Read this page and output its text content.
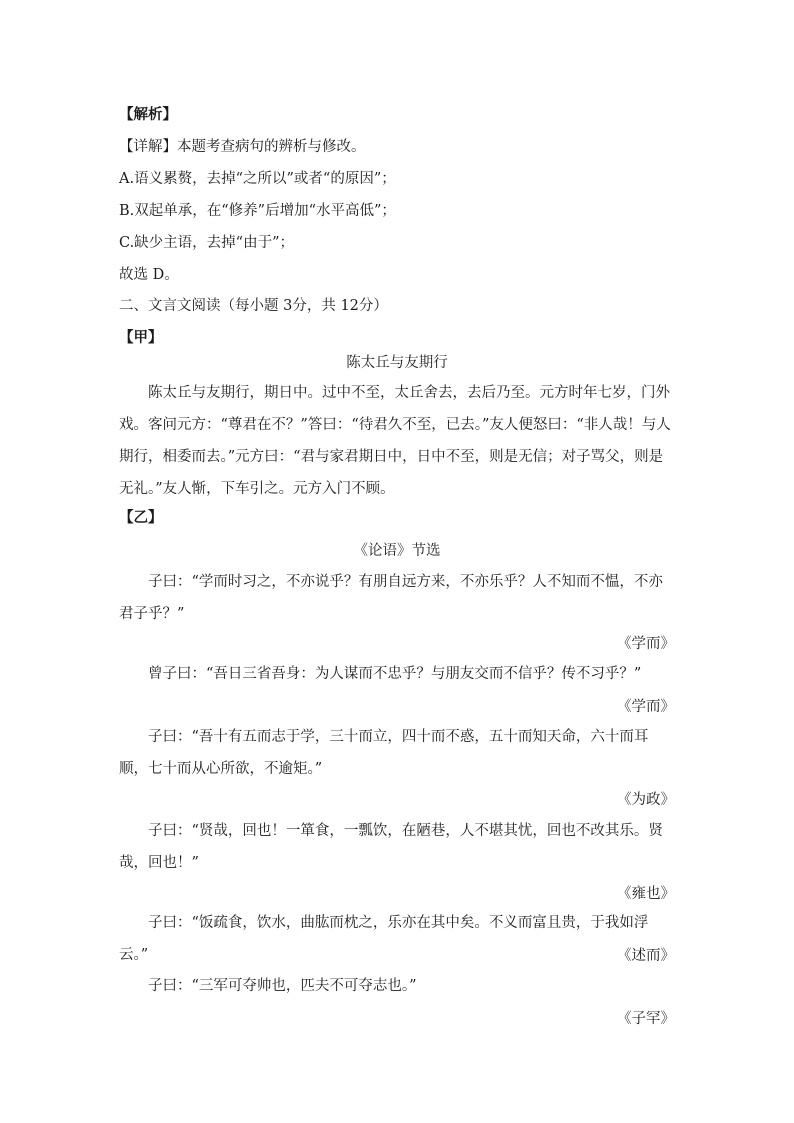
【解析】
【详解】本题考查病句的辨析与修改。
A.语义累赘，去掉“之所以”或者“的原因”；
B.双起单承，在“修养”后增加“水平高低”；
C.缺少主语，去掉“由于”；
故选 D。
二、文言文阅读（每小题 3分，共 12分）
【甲】
陈太丘与友期行
陈太丘与友期行，期日中。过中不至，太丘舍去，去后乃至。元方时年七岁，门外戏。客问元方：“尊君在不？”答曰：“待君久不至，已去。”友人便怒曰：“非人哉！与人期行，相委而去。”元方曰：“君与家君期日中，日中不至，则是无信；对子骂父，则是无礼。”友人惭，下车引之。元方入门不顾。
【乙】
《论语》节选
子曰：“学而时习之，不亦说乎？有朋自远方来，不亦乐乎？人不知而不愠，不亦君子乎？”
《学而》
曾子曰：“吾日三省吾身：为人谋而不忠乎？与朋友交而不信乎？传不习乎？”
《学而》
子曰：“吾十有五而志于学，三十而立，四十而不惑，五十而知天命，六十而耳顺，七十而从心所欲，不逾矩。”
《为政》
子曰：“贤哉，回也！一箪食，一瓢饮，在陋巷，人不堪其忧，回也不改其乐。贤哉，回也！”
《雍也》
子曰：“饭疏食，饮水，曲肱而枕之，乐亦在其中矣。不义而富且贵，于我如浮云。”	《述而》
子曰：“三军可夺帅也，匹夫不可夺志也。”
《子罕》
